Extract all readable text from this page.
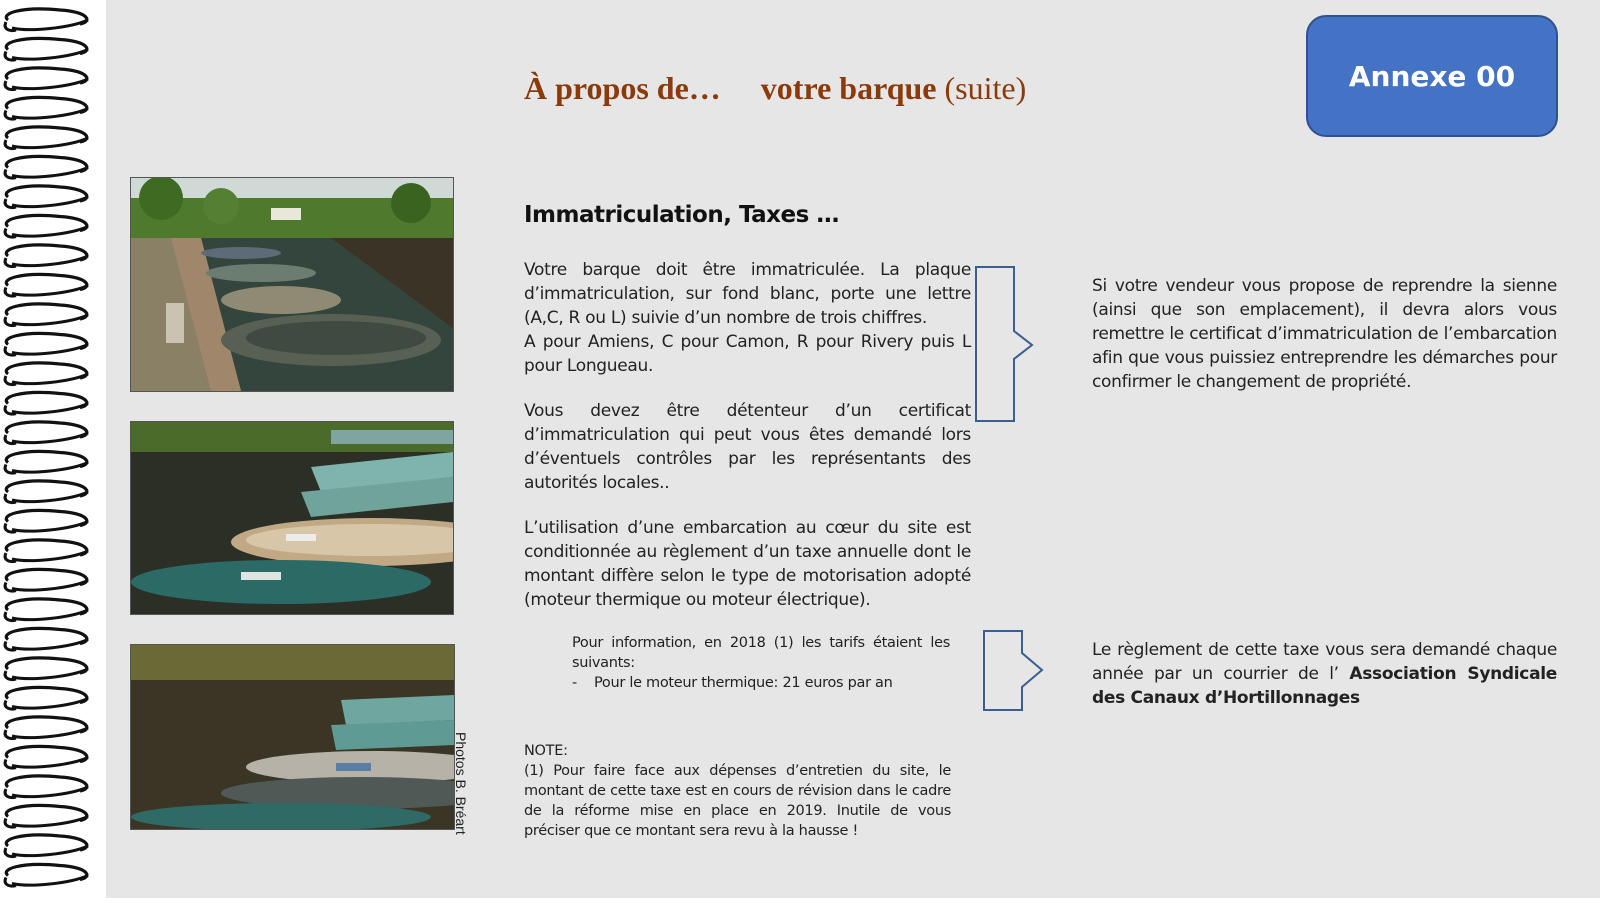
À propos de… votre barque (suite)	Annexe 00
Photos B. Bréart
Immatriculation, Taxes …

Votre barque doit être immatriculée. La plaque d’immatriculation, sur fond blanc, porte une lettre (A,C, R ou L) suivie d’un nombre de trois chiffres.

A pour Amiens, C pour Camon, R pour Rivery puis L pour Longueau.

Vous devez être détenteur d’un certificat d’immatriculation qui peut vous êtes demandé lors d’éventuels contrôles par les représentants des autorités locales..

L’utilisation d’une embarcation au cœur du site est conditionnée au règlement d’un taxe annuelle dont le montant diffère selon le type de motorisation adopté (moteur thermique ou moteur électrique).

Pour information, en 2018 (1) les tarifs étaient les suivants:

- Pour le moteur thermique: 21 euros par an

NOTE:

(1) Pour faire face aux dépenses d’entretien du site, le montant de cette taxe est en cours de révision dans le cadre de la réforme mise en place en 2019. Inutile de vous préciser que ce montant sera revu à la hausse !

Si votre vendeur vous propose de reprendre la sienne (ainsi que son emplacement), il devra alors vous remettre le certificat d’immatriculation de l’embarcation afin que vous puissiez entreprendre les démarches pour confirmer le changement de propriété.

Le règlement de cette taxe vous sera demandé chaque année par un courrier de l’ Association Syndicale des Canaux d’Hortillonnages
